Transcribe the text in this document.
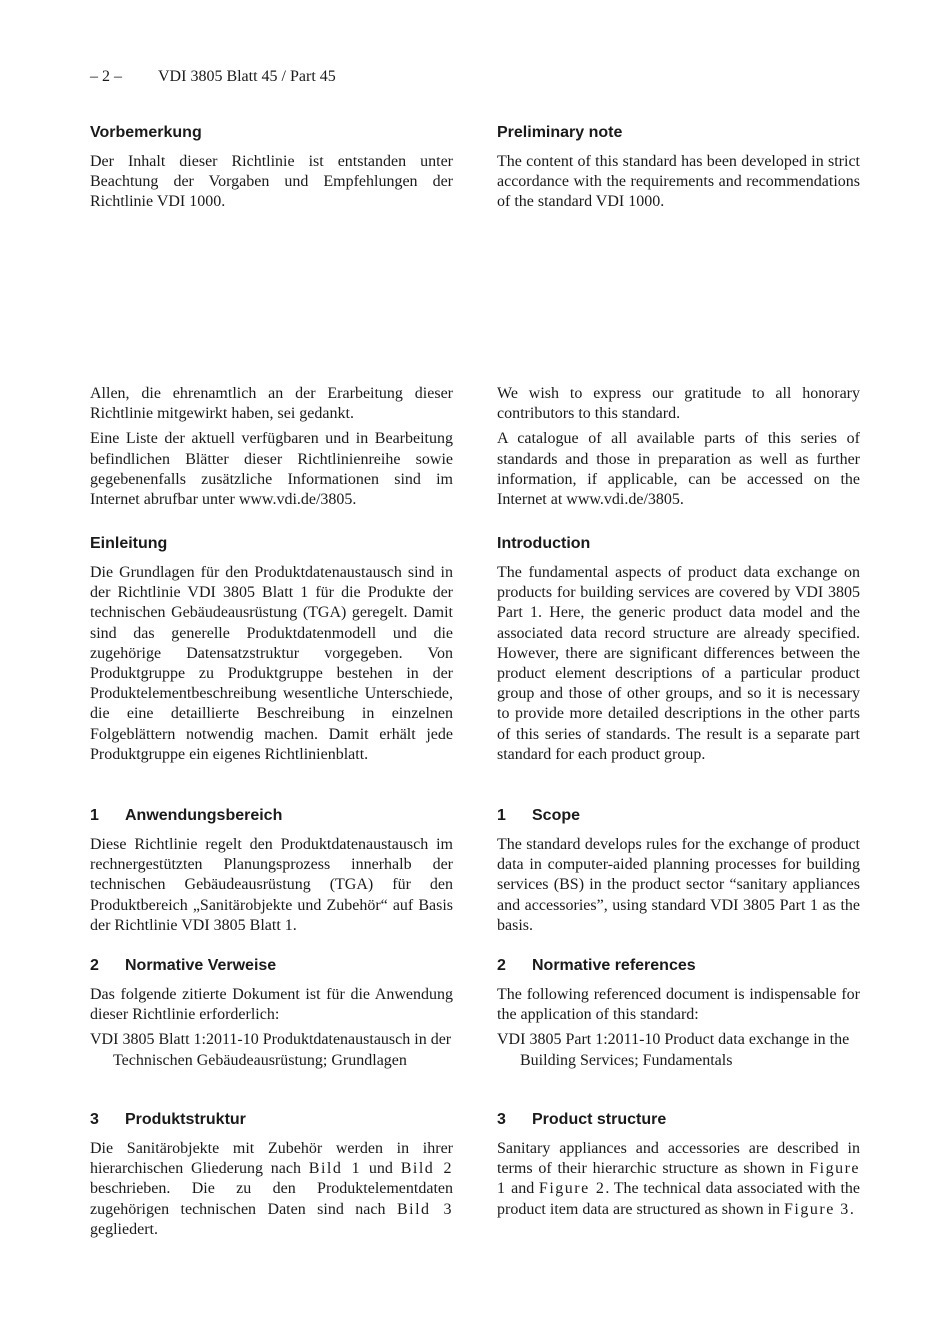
– 2 – VDI 3805 Blatt 45 / Part 45
Vorbemerkung

Der Inhalt dieser Richtlinie ist entstanden unter Beachtung der Vorgaben und Empfehlungen der Richtlinie VDI 1000.

Allen, die ehrenamtlich an der Erarbeitung dieser Richtlinie mitgewirkt haben, sei gedankt.

Eine Liste der aktuell verfügbaren und in Bearbeitung befindlichen Blätter dieser Richtlinienreihe sowie gegebenenfalls zusätzliche Informationen sind im Internet abrufbar unter www.vdi.de/3805.

Einleitung

Die Grundlagen für den Produktdatenaustausch sind in der Richtlinie VDI 3805 Blatt 1 für die Produkte der technischen Gebäudeausrüstung (TGA) geregelt. Damit sind das generelle Produktdatenmodell und die zugehörige Datensatzstruktur vorgegeben. Von Produktgruppe zu Produktgruppe bestehen in der Produktelementbeschreibung wesentliche Unterschiede, die eine detaillierte Beschreibung in einzelnen Folgeblättern notwendig machen. Damit erhält jede Produktgruppe ein eigenes Richtlinienblatt.

1 Anwendungsbereich

Diese Richtlinie regelt den Produktdatenaustausch im rechnergestützten Planungsprozess innerhalb der technischen Gebäudeausrüstung (TGA) für den Produktbereich „Sanitärobjekte und Zubehör“ auf Basis der Richtlinie VDI 3805 Blatt 1.

2 Normative Verweise

Das folgende zitierte Dokument ist für die Anwendung dieser Richtlinie erforderlich:

VDI 3805 Blatt 1:2011-10 Produktdatenaustausch in der Technischen Gebäudeausrüstung; Grundlagen

3 Produktstruktur

Die Sanitärobjekte mit Zubehör werden in ihrer hierarchischen Gliederung nach Bild 1 und Bild 2 beschrieben. Die zu den Produktelementdaten zugehörigen technischen Daten sind nach Bild 3 gegliedert.

Preliminary note

The content of this standard has been developed in strict accordance with the requirements and recommendations of the standard VDI 1000.

We wish to express our gratitude to all honorary contributors to this standard.

A catalogue of all available parts of this series of standards and those in preparation as well as further information, if applicable, can be accessed on the Internet at www.vdi.de/3805.

Introduction

The fundamental aspects of product data exchange on products for building services are covered by VDI 3805 Part 1. Here, the generic product data model and the associated data record structure are already specified. However, there are significant differences between the product element descriptions of a particular product group and those of other groups, and so it is necessary to provide more detailed descriptions in the other parts of this series of standards. The result is a separate part standard for each product group.

1 Scope

The standard develops rules for the exchange of product data in computer-aided planning processes for building services (BS) in the product sector “sanitary appliances and accessories”, using standard VDI 3805 Part 1 as the basis.

2 Normative references

The following referenced document is indispensable for the application of this standard:

VDI 3805 Part 1:2011-10 Product data exchange in the Building Services; Fundamentals

3 Product structure

Sanitary appliances and accessories are described in terms of their hierarchic structure as shown in Figure 1 and Figure 2. The technical data associated with the product item data are structured as shown in Figure 3.
